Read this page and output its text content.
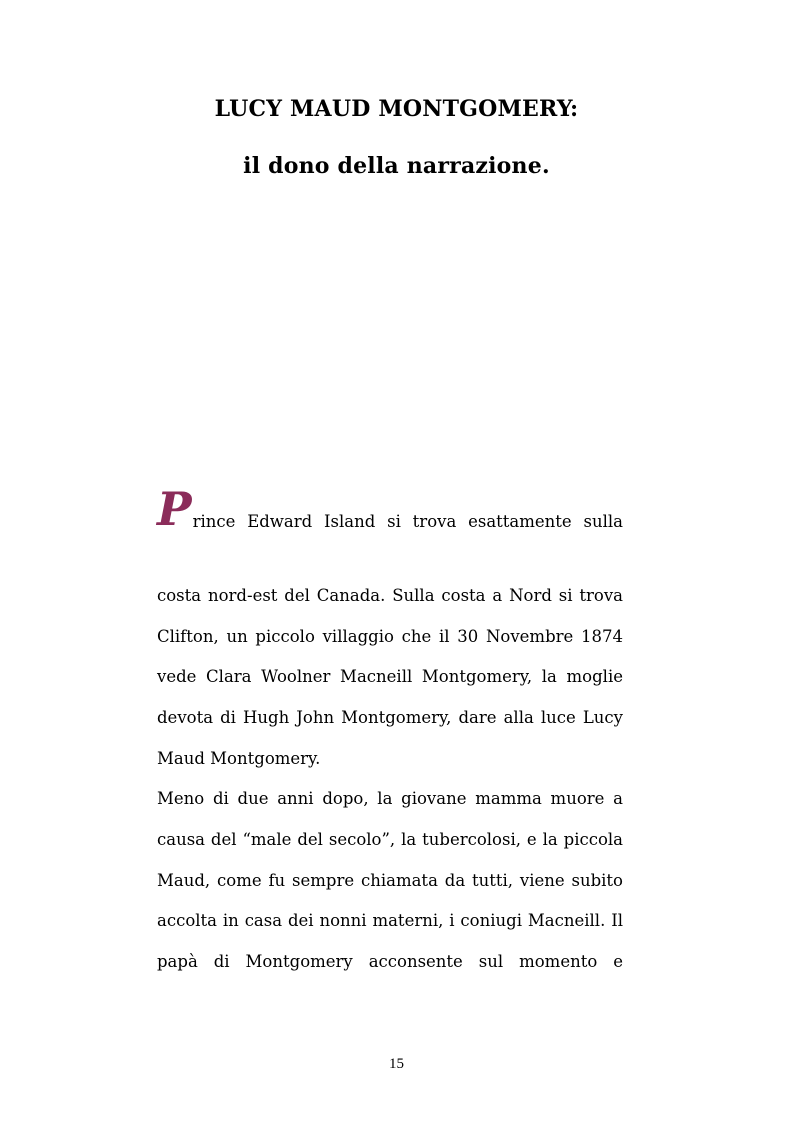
LUCY MAUD MONTGOMERY:
il dono della narrazione.
P rince Edward Island si trova esattamente sulla
costa nord-est del Canada. Sulla costa a Nord si trova
Clifton, un piccolo villaggio che il 30 Novembre 1874
vede Clara Woolner Macneill Montgomery, la moglie
devota di Hugh John Montgomery, dare alla luce Lucy
Maud Montgomery.
Meno di due anni dopo, la giovane mamma muore a
causa del “male del secolo”, la tubercolosi, e la piccola
Maud, come fu sempre chiamata da tutti, viene subito
accolta in casa dei nonni materni, i coniugi Macneill. Il
papà di Montgomery acconsente sul momento e
15
